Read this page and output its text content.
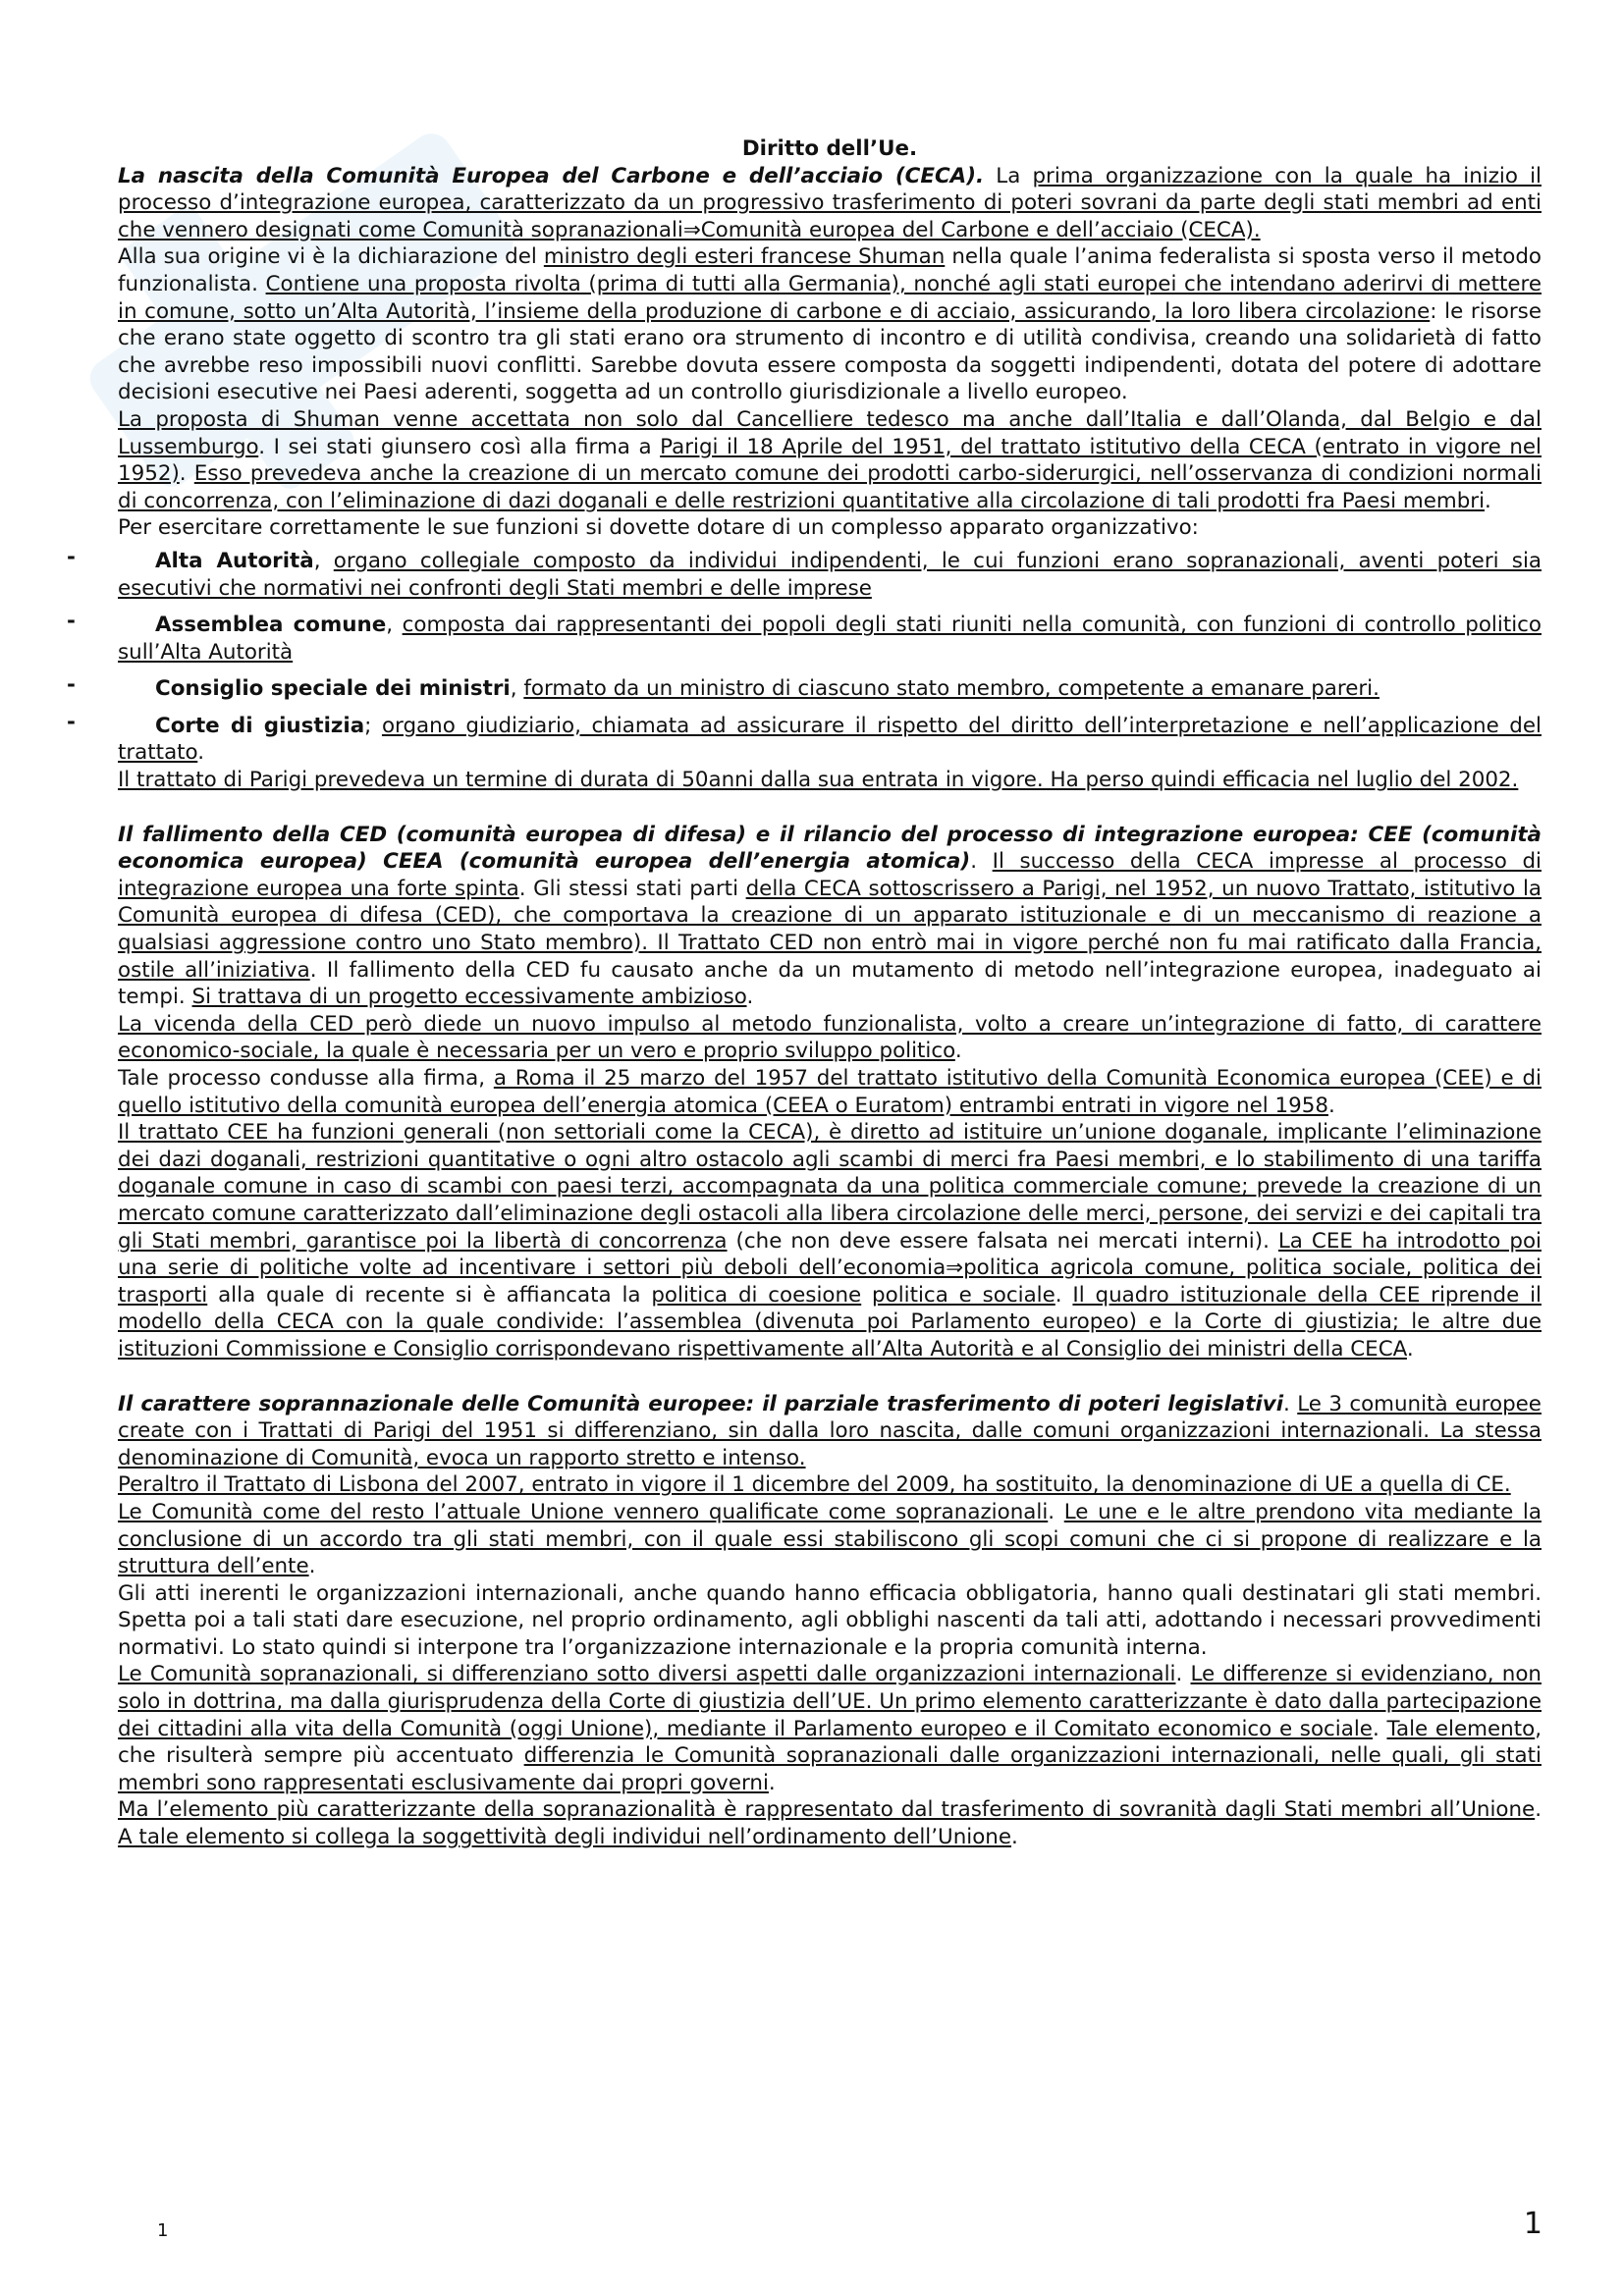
Diritto dell’Ue.

La nascita della Comunità Europea del Carbone e dell’acciaio (CECA). La prima organizzazione con la quale ha inizio il processo d’integrazione europea, caratterizzato da un progressivo trasferimento di poteri sovrani da parte degli stati membri ad enti che vennero designati come Comunità sopranazionali⇒Comunità europea del Carbone e dell’acciaio (CECA).

Alla sua origine vi è la dichiarazione del ministro degli esteri francese Shuman nella quale l’anima federalista si sposta verso il metodo funzionalista. Contiene una proposta rivolta (prima di tutti alla Germania), nonché agli stati europei che intendano aderirvi di mettere in comune, sotto un’Alta Autorità, l’insieme della produzione di carbone e di acciaio, assicurando, la loro libera circolazione: le risorse che erano state oggetto di scontro tra gli stati erano ora strumento di incontro e di utilità condivisa, creando una solidarietà di fatto che avrebbe reso impossibili nuovi conflitti. Sarebbe dovuta essere composta da soggetti indipendenti, dotata del potere di adottare decisioni esecutive nei Paesi aderenti, soggetta ad un controllo giurisdizionale a livello europeo.

La proposta di Shuman venne accettata non solo dal Cancelliere tedesco ma anche dall’Italia e dall’Olanda, dal Belgio e dal Lussemburgo. I sei stati giunsero così alla firma a Parigi il 18 Aprile del 1951, del trattato istitutivo della CECA (entrato in vigore nel 1952). Esso prevedeva anche la creazione di un mercato comune dei prodotti carbo-siderurgici, nell’osservanza di condizioni normali di concorrenza, con l’eliminazione di dazi doganali e delle restrizioni quantitative alla circolazione di tali prodotti fra Paesi membri.

Per esercitare correttamente le sue funzioni si dovette dotare di un complesso apparato organizzativo:

-	Alta Autorità, organo collegiale composto da individui indipendenti, le cui funzioni erano sopranazionali, aventi poteri sia esecutivi che normativi nei confronti degli Stati membri e delle imprese
-	Assemblea comune, composta dai rappresentanti dei popoli degli stati riuniti nella comunità, con funzioni di controllo politico sull’Alta Autorità
-	Consiglio speciale dei ministri, formato da un ministro di ciascuno stato membro, competente a emanare pareri.
-	Corte di giustizia; organo giudiziario, chiamata ad assicurare il rispetto del diritto dell’interpretazione e nell’applicazione del trattato.

Il trattato di Parigi prevedeva un termine di durata di 50anni dalla sua entrata in vigore. Ha perso quindi efficacia nel luglio del 2002.

Il fallimento della CED (comunità europea di difesa) e il rilancio del processo di integrazione europea: CEE (comunità economica europea) CEEA (comunità europea dell’energia atomica). Il successo della CECA impresse al processo di integrazione europea una forte spinta. Gli stessi stati parti della CECA sottoscrissero a Parigi, nel 1952, un nuovo Trattato, istitutivo la Comunità europea di difesa (CED), che comportava la creazione di un apparato istituzionale e di un meccanismo di reazione a qualsiasi aggressione contro uno Stato membro). Il Trattato CED non entrò mai in vigore perché non fu mai ratificato dalla Francia, ostile all’iniziativa. Il fallimento della CED fu causato anche da un mutamento di metodo nell’integrazione europea, inadeguato ai tempi. Si trattava di un progetto eccessivamente ambizioso.

La vicenda della CED però diede un nuovo impulso al metodo funzionalista, volto a creare un’integrazione di fatto, di carattere economico-sociale, la quale è necessaria per un vero e proprio sviluppo politico.

Tale processo condusse alla firma, a Roma il 25 marzo del 1957 del trattato istitutivo della Comunità Economica europea (CEE) e di quello istitutivo della comunità europea dell’energia atomica (CEEA o Euratom) entrambi entrati in vigore nel 1958.

Il trattato CEE ha funzioni generali (non settoriali come la CECA), è diretto ad istituire un’unione doganale, implicante l’eliminazione dei dazi doganali, restrizioni quantitative o ogni altro ostacolo agli scambi di merci fra Paesi membri, e lo stabilimento di una tariffa doganale comune in caso di scambi con paesi terzi, accompagnata da una politica commerciale comune; prevede la creazione di un mercato comune caratterizzato dall’eliminazione degli ostacoli alla libera circolazione delle merci, persone, dei servizi e dei capitali tra gli Stati membri, garantisce poi la libertà di concorrenza (che non deve essere falsata nei mercati interni). La CEE ha introdotto poi una serie di politiche volte ad incentivare i settori più deboli dell’economia⇒politica agricola comune, politica sociale, politica dei trasporti alla quale di recente si è affiancata la politica di coesione politica e sociale. Il quadro istituzionale della CEE riprende il modello della CECA con la quale condivide: l’assemblea (divenuta poi Parlamento europeo) e la Corte di giustizia; le altre due istituzioni Commissione e Consiglio corrispondevano rispettivamente all’Alta Autorità e al Consiglio dei ministri della CECA.

Il carattere soprannazionale delle Comunità europee: il parziale trasferimento di poteri legislativi. Le 3 comunità europee create con i Trattati di Parigi del 1951 si differenziano, sin dalla loro nascita, dalle comuni organizzazioni internazionali. La stessa denominazione di Comunità, evoca un rapporto stretto e intenso.

Peraltro il Trattato di Lisbona del 2007, entrato in vigore il 1 dicembre del 2009, ha sostituito, la denominazione di UE a quella di CE.

Le Comunità come del resto l’attuale Unione vennero qualificate come sopranazionali. Le une e le altre prendono vita mediante la conclusione di un accordo tra gli stati membri, con il quale essi stabiliscono gli scopi comuni che ci si propone di realizzare e la struttura dell’ente.

Gli atti inerenti le organizzazioni internazionali, anche quando hanno efficacia obbligatoria, hanno quali destinatari gli stati membri. Spetta poi a tali stati dare esecuzione, nel proprio ordinamento, agli obblighi nascenti da tali atti, adottando i necessari provvedimenti normativi. Lo stato quindi si interpone tra l’organizzazione internazionale e la propria comunità interna.

Le Comunità sopranazionali, si differenziano sotto diversi aspetti dalle organizzazioni internazionali. Le differenze si evidenziano, non solo in dottrina, ma dalla giurisprudenza della Corte di giustizia dell’UE. Un primo elemento caratterizzante è dato dalla partecipazione dei cittadini alla vita della Comunità (oggi Unione), mediante il Parlamento europeo e il Comitato economico e sociale. Tale elemento, che risulterà sempre più accentuato differenzia le Comunità sopranazionali dalle organizzazioni internazionali, nelle quali, gli stati membri sono rappresentati esclusivamente dai propri governi.

Ma l’elemento più caratterizzante della sopranazionalità è rappresentato dal trasferimento di sovranità dagli Stati membri all’Unione. A tale elemento si collega la soggettività degli individui nell’ordinamento dell’Unione.

1	1
